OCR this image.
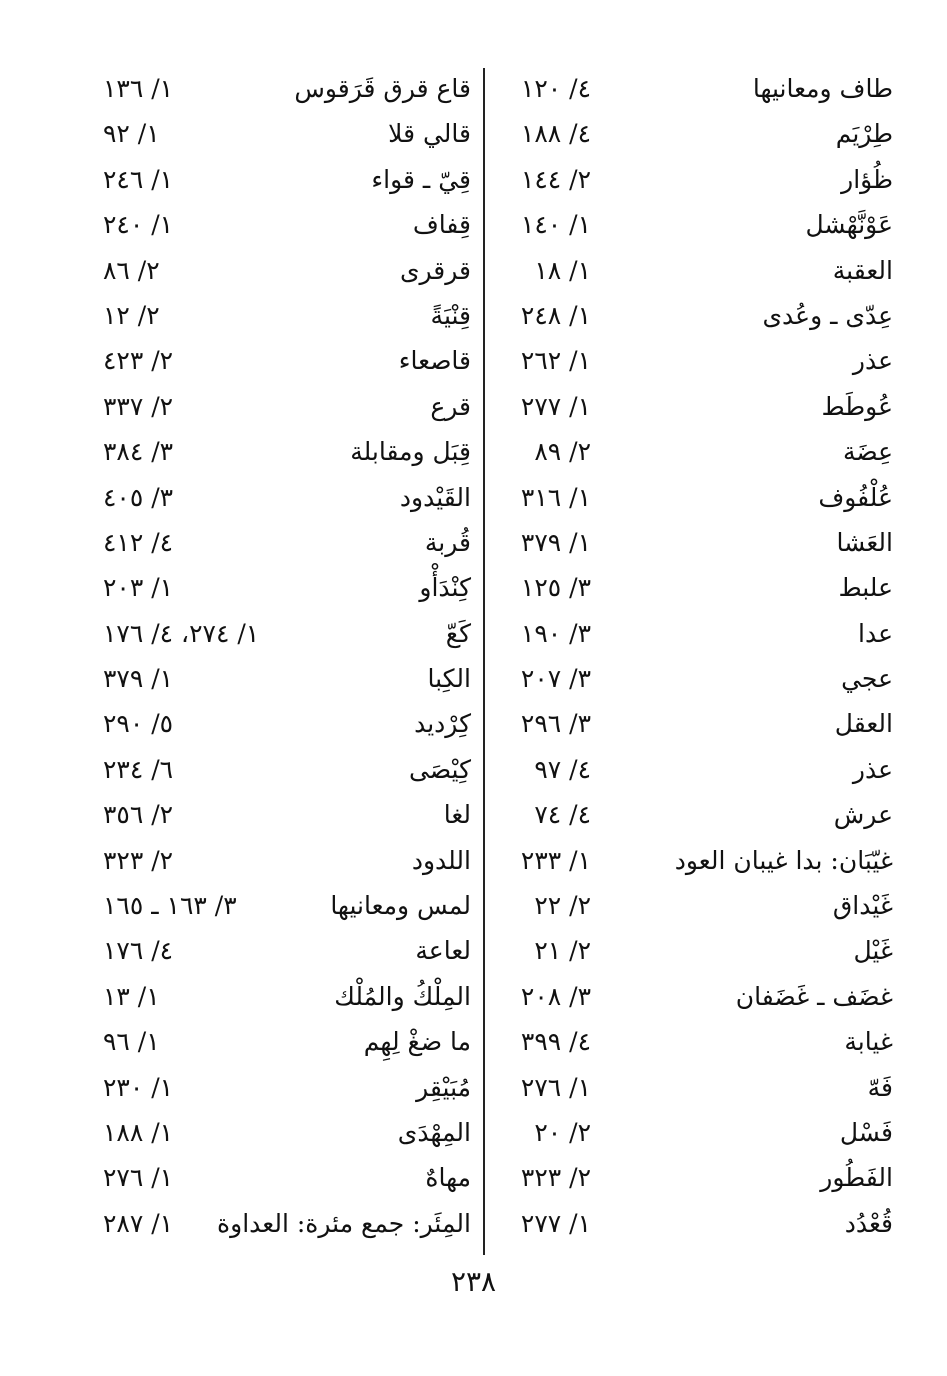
طاف ومعانيها
٤/ ١٢٠
طِرْيَم
٤/ ١٨٨
ظُؤار
٢/ ١٤٤
عَوْنَّهْشل
١/ ١٤٠
العقبة
١/ ١٨
عِدّى ـ وعُدى
١/ ٢٤٨
عذر
١/ ٢٦٢
عُوطَط
١/ ٢٧٧
عِضَة
٢/ ٨٩
عُلْفُوف
١/ ٣١٦
العَشا
١/ ٣٧٩
علبط
٣/ ١٢٥
عدا
٣/ ١٩٠
عجي
٣/ ٢٠٧
العقل
٣/ ٢٩٦
عذر
٤/ ٩٧
عرش
٤/ ٧٤
غيّبَان: بدا غيبان العود
١/ ٢٣٣
غَيْداق
٢/ ٢٢
غَيْل
٢/ ٢١
غضَف ـ غَضَفان
٣/ ٢٠٨
غيابة
٤/ ٣٩٩
فَهّ
١/ ٢٧٦
فَسْل
٢/ ٢٠
الفَطُور
٢/ ٣٢٣
قُعْدُد
١/ ٢٧٧
قاع قرق قَرَقوس
١/ ١٣٦
قالي قلا
١/ ٩٢
قِيّ ـ قواء
١/ ٢٤٦
قِفاف
١/ ٢٤٠
قرقرى
٢/ ٨٦
قِنْيَةً
٢/ ١٢
قاصعاء
٢/ ٤٢٣
قرع
٢/ ٣٣٧
قِبَل ومقابلة
٣/ ٣٨٤
القَيْدود
٣/ ٤٠٥
قُربة
٤/ ٤١٢
كِنْدَأْو
١/ ٢٠٣
كَعّ
١/ ٢٧٤، ٤/ ١٧٦
الكِبا
١/ ٣٧٩
كِرْديد
٥/ ٢٩٠
كِيْصَى
٦/ ٢٣٤
لغا
٢/ ٣٥٦
اللدود
٢/ ٣٢٣
لمس ومعانيها
٣/ ١٦٣ ـ ١٦٥
لعاعة
٤/ ١٧٦
المِلْكُ والمُلْك
١/ ١٣
ما ضغْ لِهِم
١/ ٩٦
مُبَيْقِر
١/ ٢٣٠
المِهْدَى
١/ ١٨٨
مهاهٌ
١/ ٢٧٦
المِئَر: جمع مئرة: العداوة
١/ ٢٨٧
٢٣٨
